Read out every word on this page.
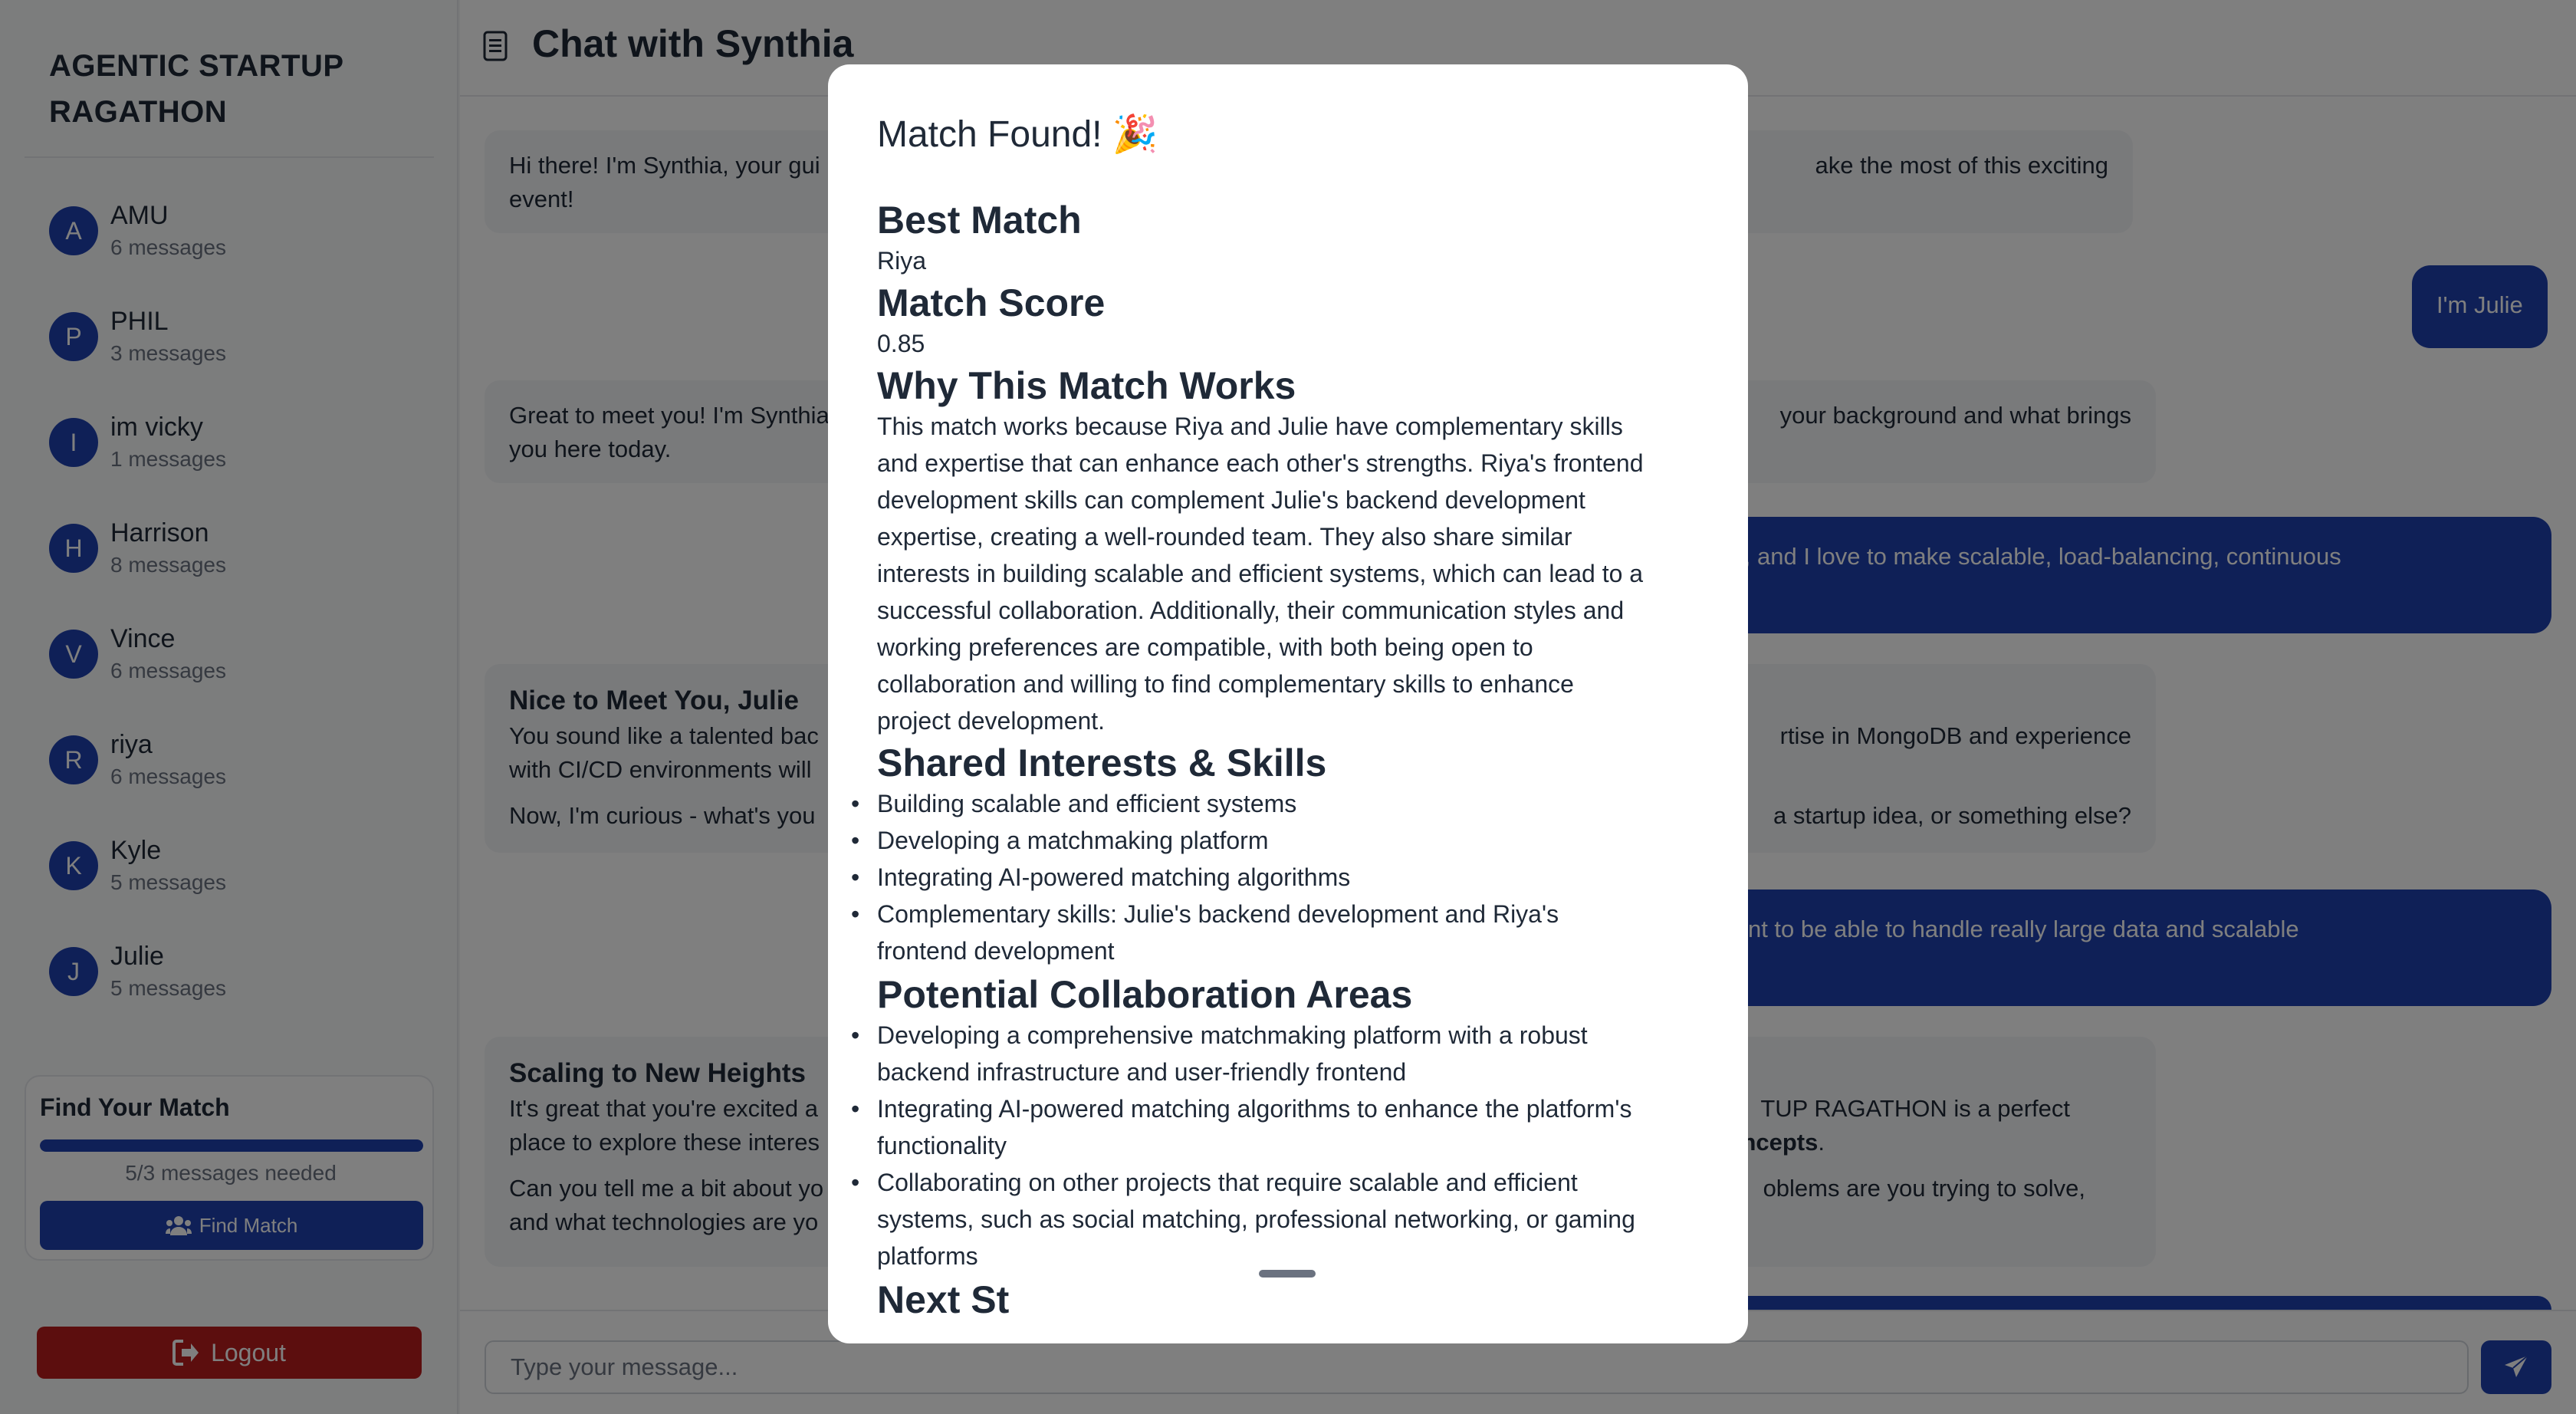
Type your message...
Match Found! 🎉
Best Match

Riya

Match Score

0.85

Why This Match Works

This match works because Riya and Julie have complementary skills and expertise that can enhance each other's strengths. Riya's frontend development skills can complement Julie's backend development expertise, creating a well-rounded team. They also share similar interests in building scalable and efficient systems, which can lead to a successful collaboration. Additionally, their communication styles and working preferences are compatible, with both being open to collaboration and willing to find complementary skills to enhance project development.

Shared Interests & Skills
• Building scalable and efficient systems
• Developing a matchmaking platform
• Integrating AI-powered matching algorithms
• Complementary skills: Julie's backend development and Riya's frontend development
Potential Collaboration Areas
• Developing a comprehensive matchmaking platform with a robust backend infrastructure and user-friendly frontend
• Integrating AI-powered matching algorithms to enhance the platform's functionality
• Collaborating on other projects that require scalable and efficient systems, such as social matching, professional networking, or gaming platforms
Next St
